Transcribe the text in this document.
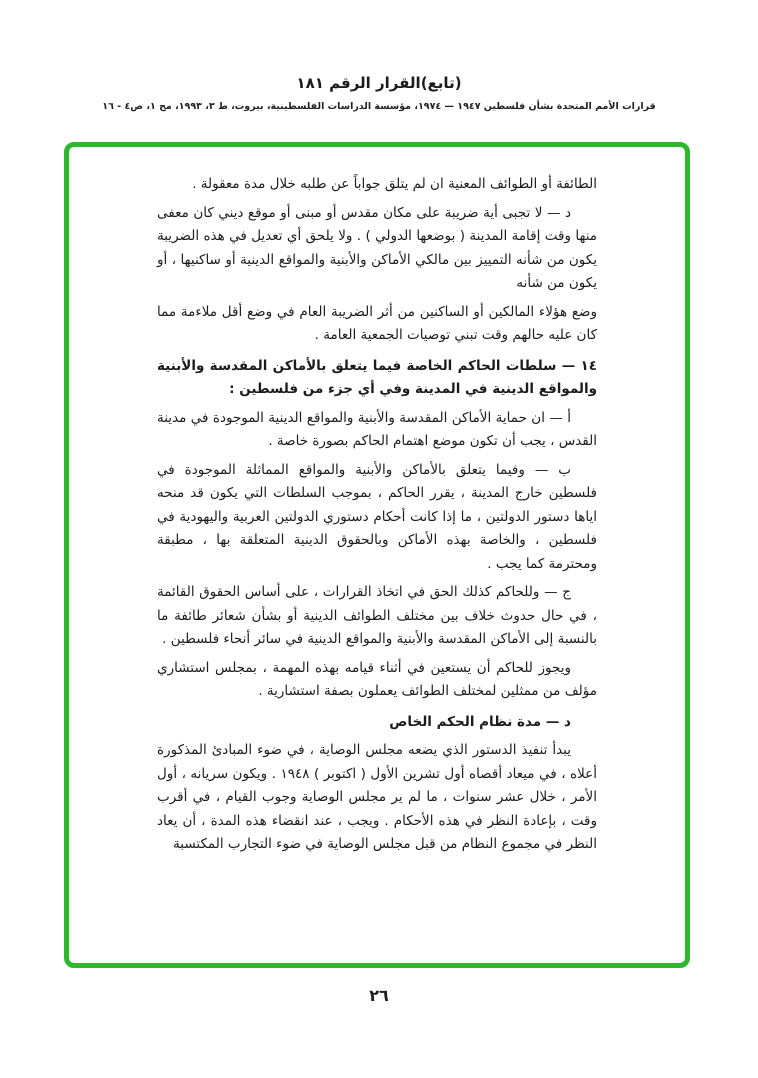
(تابع)القرار الرقم ١٨١
قرارات الأمم المتحدة بشأن فلسطين ١٩٤٧ — ١٩٧٤، مؤسسة الدراسات الفلسطينية، بيروت، ط ٣، ١٩٩٣، مج ١، ص٤ - ١٦

الطائفة أو الطوائف المعنية ان لم يتلق جواباً عن طلبه خلال مدة معقولة .

د — لا تجبى أية ضريبة على مكان مقدس أو مبنى أو موقع ديني كان معفى منها وقت إقامة المدينة ( بوضعها الدولي ) . ولا يلحق أي تعديل في هذه الضريبة يكون من شأنه التمييز بين مالكي الأماكن والأبنية والمواقع الدينية أو ساكنيها ، أو يكون من شأنه

وضع هؤلاء المالكين أو الساكنين من أثر الضريبة العام في وضع أقل ملاءمة مما كان عليه حالهم وقت تبني توصيات الجمعية العامة .

١٤ — سلطات الحاكم الخاصة فيما يتعلق بالأماكن المقدسة والأبنية والمواقع الدينية في المدينة وفي أي جزء من فلسطين :

أ — ان حماية الأماكن المقدسة والأبنية والمواقع الدينية الموجودة في مدينة القدس ، يجب أن تكون موضع اهتمام الحاكم بصورة خاصة .

ب — وفيما يتعلق بالأماكن والأبنية والمواقع المماثلة الموجودة في فلسطين خارج المدينة ، يقرر الحاكم ، بموجب السلطات التي يكون قد منحه اياها دستور الدولتين ، ما إذا كانت أحكام دستوري الدولتين العربية واليهودية في فلسطين ، والخاصة بهذه الأماكن وبالحقوق الدينية المتعلقة بها ، مطبقة ومحترمة كما يجب .

ج — وللحاكم كذلك الحق في اتخاذ القرارات ، على أساس الحقوق القائمة ، في حال حدوث خلاف بين مختلف الطوائف الدينية أو بشأن شعائر طائفة ما بالنسبة إلى الأماكن المقدسة والأبنية والمواقع الدينية في سائر أنحاء فلسطين .

ويجوز للحاكم أن يستعين في أثناء قيامه بهذه المهمة ، بمجلس استشاري مؤلف من ممثلين لمختلف الطوائف يعملون بصفة استشارية .

د — مدة نظام الحكم الخاص

يبدأ تنفيذ الدستور الذي يضعه مجلس الوصاية ، في ضوء المبادئ المذكورة أعلاه ، في ميعاد أقصاه أول تشرين الأول ( اكتوبر ) ١٩٤٨ . ويكون سريانه ، أول الأمر ، خلال عشر سنوات ، ما لم ير مجلس الوصاية وجوب القيام ، في أقرب وقت ، بإعادة النظر في هذه الأحكام . ويجب ، عند انقضاء هذه المدة ، أن يعاد النظر في مجموع النظام من قبل مجلس الوصاية في ضوء التجارب المكتسبة

٢٦
